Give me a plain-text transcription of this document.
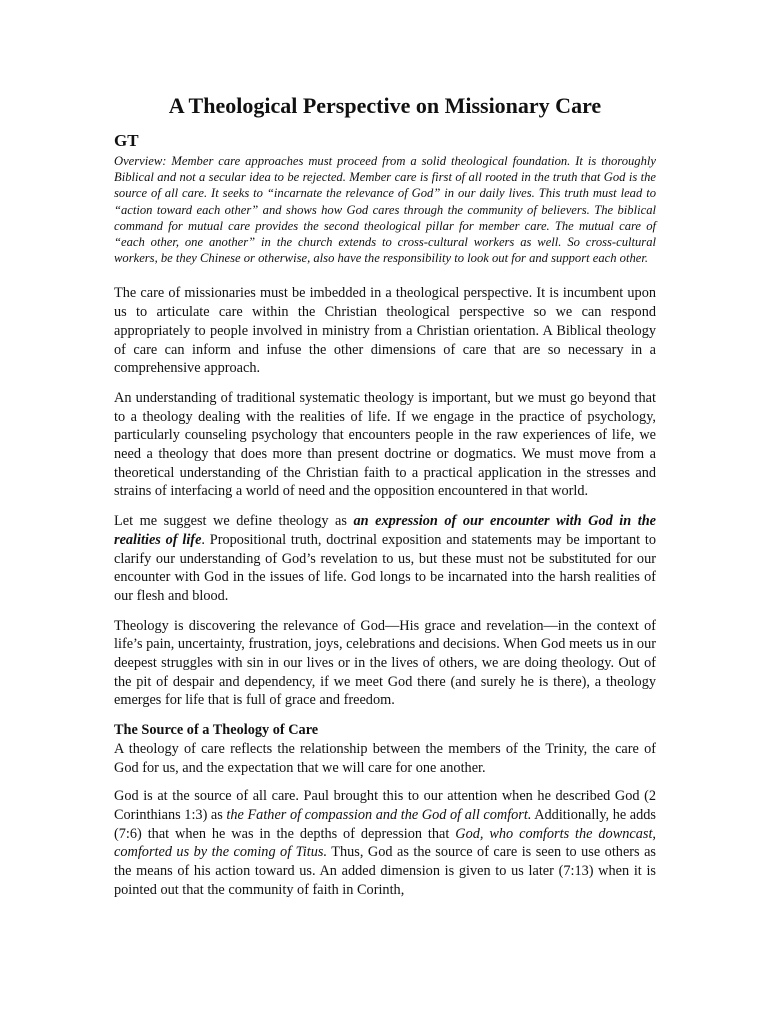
A Theological Perspective on Missionary Care
GT

Overview: Member care approaches must proceed from a solid theological foundation. It is thoroughly Biblical and not a secular idea to be rejected. Member care is first of all rooted in the truth that God is the source of all care. It seeks to “incarnate the relevance of God” in our daily lives. This truth must lead to “action toward each other” and shows how God cares through the community of believers. The biblical command for mutual care provides the second theological pillar for member care. The mutual care of “each other, one another” in the church extends to cross-cultural workers as well. So cross-cultural workers, be they Chinese or otherwise, also have the responsibility to look out for and support each other.

The care of missionaries must be imbedded in a theological perspective. It is incumbent upon us to articulate care within the Christian theological perspective so we can respond appropriately to people involved in ministry from a Christian orientation. A Biblical theology of care can inform and infuse the other dimensions of care that are so necessary in a comprehensive approach.

An understanding of traditional systematic theology is important, but we must go beyond that to a theology dealing with the realities of life. If we engage in the practice of psychology, particularly counseling psychology that encounters people in the raw experiences of life, we need a theology that does more than present doctrine or dogmatics. We must move from a theoretical understanding of the Christian faith to a practical application in the stresses and strains of interfacing a world of need and the opposition encountered in that world.

Let me suggest we define theology as an expression of our encounter with God in the realities of life. Propositional truth, doctrinal exposition and statements may be important to clarify our understanding of God’s revelation to us, but these must not be substituted for our encounter with God in the issues of life. God longs to be incarnated into the harsh realities of our flesh and blood.

Theology is discovering the relevance of God—His grace and revelation—in the context of life’s pain, uncertainty, frustration, joys, celebrations and decisions. When God meets us in our deepest struggles with sin in our lives or in the lives of others, we are doing theology. Out of the pit of despair and dependency, if we meet God there (and surely he is there), a theology emerges for life that is full of grace and freedom.

The Source of a Theology of Care

A theology of care reflects the relationship between the members of the Trinity, the care of God for us, and the expectation that we will care for one another.

God is at the source of all care. Paul brought this to our attention when he described God (2 Corinthians 1:3) as the Father of compassion and the God of all comfort. Additionally, he adds (7:6) that when he was in the depths of depression that God, who comforts the downcast, comforted us by the coming of Titus. Thus, God as the source of care is seen to use others as the means of his action toward us. An added dimension is given to us later (7:13) when it is pointed out that the community of faith in Corinth,
